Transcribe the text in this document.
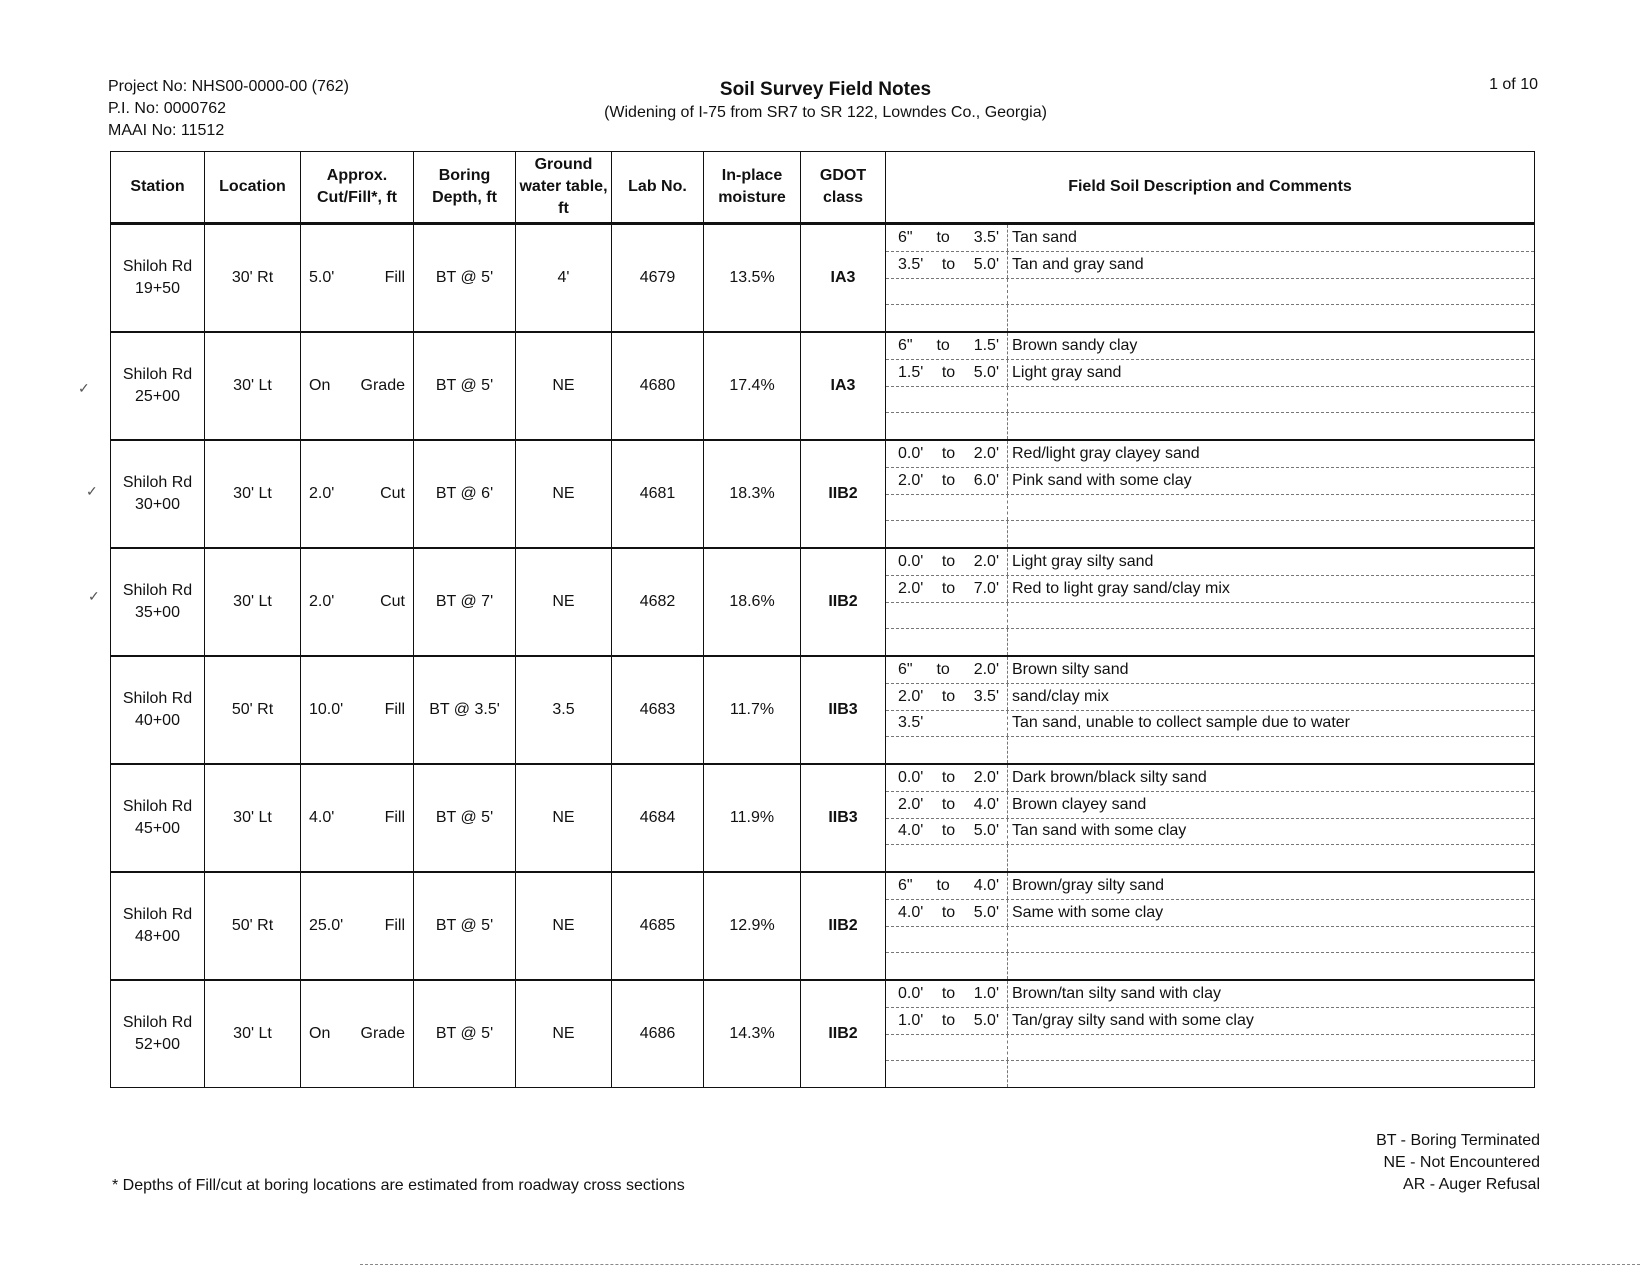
Project No: NHS00-0000-00 (762)
P.I. No: 0000762
MAAI No: 11512
Soil Survey Field Notes
(Widening of I-75 from SR7 to SR 122, Lowndes Co., Georgia)
1 of 10
✓
✓
✓
Station	Location	Approx. Cut/Fill*, ft	Boring Depth, ft	Ground water table, ft	Lab No.	In-place moisture	GDOT class	Field Soil Description and Comments

Shiloh Rd
19+50
	30' Rt	5.0'	Fill	BT @ 5'	4'	4679	13.5%	IA3	
6" to 3.5' Tan sand
3.5' to 5.0' Tan and gray sand

Shiloh Rd
25+00
	30' Lt	On Grade	BT @ 5'	NE	4680	17.4%	IA3	
6" to 1.5' Brown sandy clay
1.5' to 5.0' Light gray sand

Shiloh Rd
30+00
	30' Lt	2.0'	Cut	BT @ 6'	NE	4681	18.3%	IIB2	
0.0' to 2.0' Red/light gray clayey sand
2.0' to 6.0' Pink sand with some clay

Shiloh Rd
35+00
	30' Lt	2.0'	Cut	BT @ 7'	NE	4682	18.6%	IIB2	
0.0' to 2.0' Light gray silty sand
2.0' to 7.0' Red to light gray sand/clay mix

Shiloh Rd
40+00
	50' Rt	10.0'	Fill	BT @ 3.5'	3.5	4683	11.7%	IIB3	
6" to 2.0' Brown silty sand
2.0' to 3.5' sand/clay mix
3.5'	Tan sand, unable to collect sample due to water

Shiloh Rd
45+00
	30' Lt	4.0'	Fill	BT @ 5'	NE	4684	11.9%	IIB3	
0.0' to 2.0' Dark brown/black silty sand
2.0' to 4.0' Brown clayey sand
4.0' to 5.0' Tan sand with some clay

Shiloh Rd
48+00
	50' Rt	25.0'	Fill	BT @ 5'	NE	4685	12.9%	IIB2	
6" to 4.0' Brown/gray silty sand
4.0' to 5.0' Same with some clay

Shiloh Rd
52+00
	30' Lt	On Grade	BT @ 5'	NE	4686	14.3%	IIB2	
0.0' to 1.0' Brown/tan silty sand with clay
1.0' to 5.0' Tan/gray silty sand with some clay
* Depths of Fill/cut at boring locations are estimated from roadway cross sections
BT - Boring Terminated
NE - Not Encountered
AR - Auger Refusal
